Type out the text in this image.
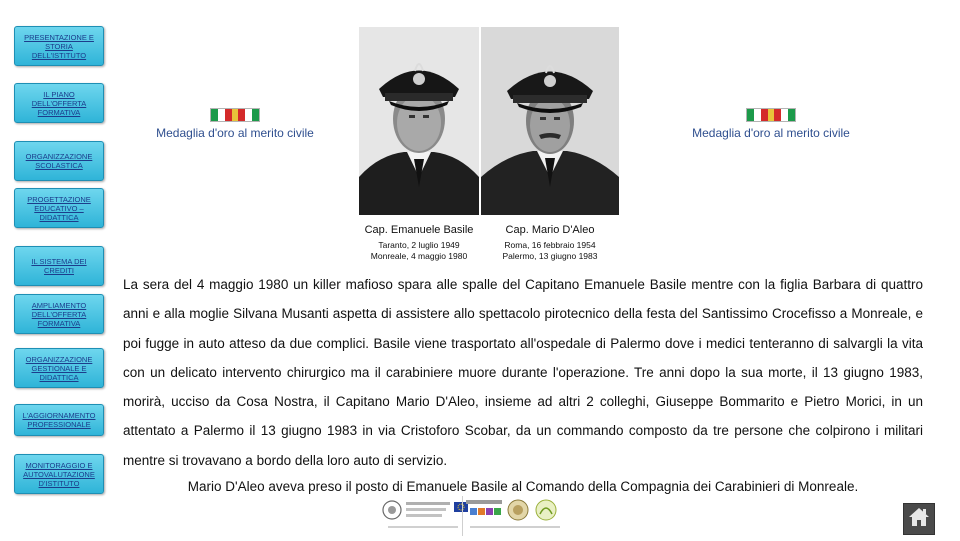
PRESENTAZIONE E STORIA DELL'ISTITUTO
IL PIANO DELL'OFFERTA FORMATIVA
ORGANIZZAZIONE SCOLASTICA
PROGETTAZIONE EDUCATIVO – DIDATTICA
IL SISTEMA DEI CREDITI
AMPLIAMENTO DELL'OFFERTA FORMATIVA
ORGANIZZAZIONE GESTIONALE E DIDATTICA
L'AGGIORNAMENTO PROFESSIONALE
MONITORAGGIO E AUTOVALUTAZIONE D'ISTITUTO
Medaglia d'oro al merito civile	Medaglia d'oro al merito civile
Cap. Emanuele Basile
Taranto, 2 luglio 1949
Monreale, 4 maggio 1980
Cap. Mario D'Aleo
Roma, 16 febbraio 1954
Palermo, 13 giugno 1983

La sera del 4 maggio 1980 un killer mafioso spara alle spalle del Capitano Emanuele Basile mentre con la figlia Barbara di quattro anni e alla moglie Silvana Musanti aspetta di assistere allo spettacolo pirotecnico della festa del Santissimo Crocefisso a Monreale, e poi fugge in auto atteso da due complici. Basile viene trasportato all'ospedale di Palermo dove i medici tenteranno di salvargli la vita con un delicato intervento chirurgico ma il carabiniere muore durante l'operazione. Tre anni dopo la sua morte, il 13 giugno 1983, morirà, ucciso da Cosa Nostra, il Capitano Mario D'Aleo, insieme ad altri 2 colleghi, Giuseppe Bommarito e Pietro Morici, in un attentato a Palermo il 13 giugno 1983 in via Cristoforo Scobar, da un commando composto da tre persone che colpirono i militari mentre si trovavano a bordo della loro auto di servizio.

Mario D'Aleo aveva preso il posto di Emanuele Basile al Comando della Compagnia dei Carabinieri di Monreale.
